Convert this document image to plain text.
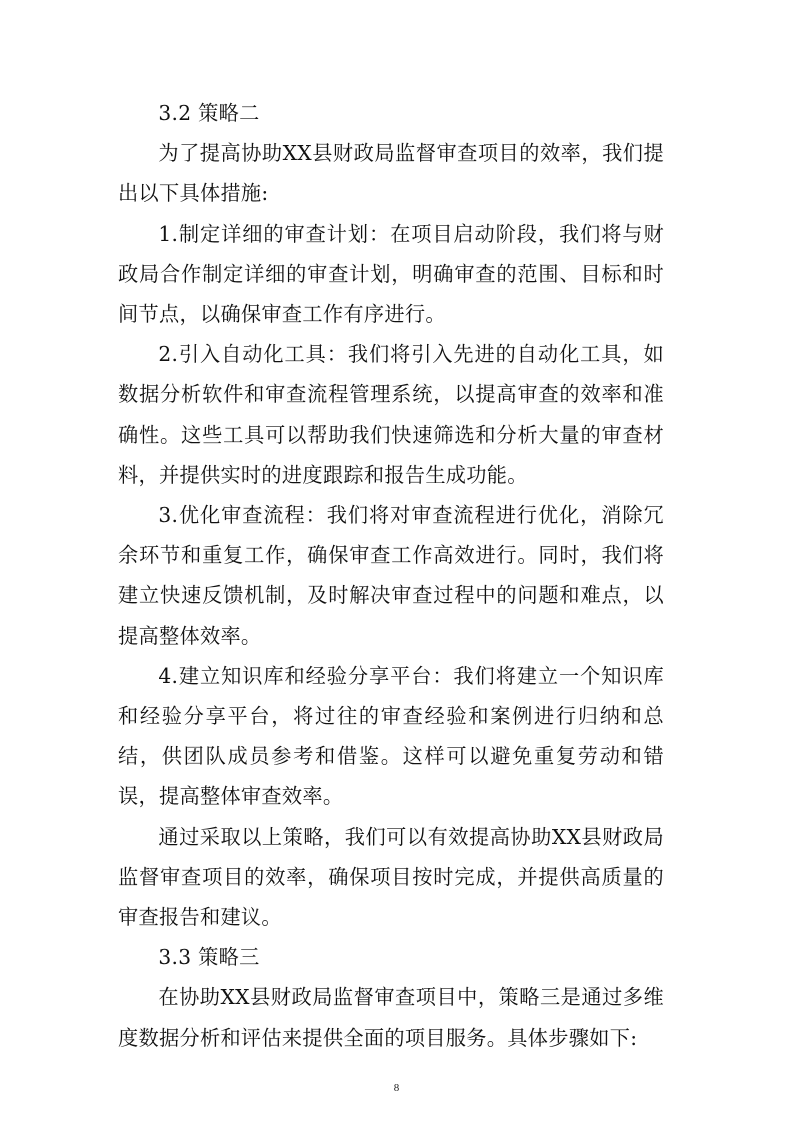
3.2 策略二

为了提高协助XX县财政局监督审查项目的效率，我们提出以下具体措施:

1.制定详细的审查计划：在项目启动阶段，我们将与财政局合作制定详细的审查计划，明确审查的范围、目标和时间节点，以确保审查工作有序进行。

2.引入自动化工具：我们将引入先进的自动化工具，如数据分析软件和审查流程管理系统，以提高审查的效率和准确性。这些工具可以帮助我们快速筛选和分析大量的审查材料，并提供实时的进度跟踪和报告生成功能。

3.优化审查流程：我们将对审查流程进行优化，消除冗余环节和重复工作，确保审查工作高效进行。同时，我们将建立快速反馈机制，及时解决审查过程中的问题和难点，以提高整体效率。

4.建立知识库和经验分享平台：我们将建立一个知识库和经验分享平台，将过往的审查经验和案例进行归纳和总结，供团队成员参考和借鉴。这样可以避免重复劳动和错误，提高整体审查效率。

通过采取以上策略，我们可以有效提高协助XX县财政局监督审查项目的效率，确保项目按时完成，并提供高质量的审查报告和建议。

3.3 策略三

在协助XX县财政局监督审查项目中，策略三是通过多维度数据分析和评估来提供全面的项目服务。具体步骤如下:

8
